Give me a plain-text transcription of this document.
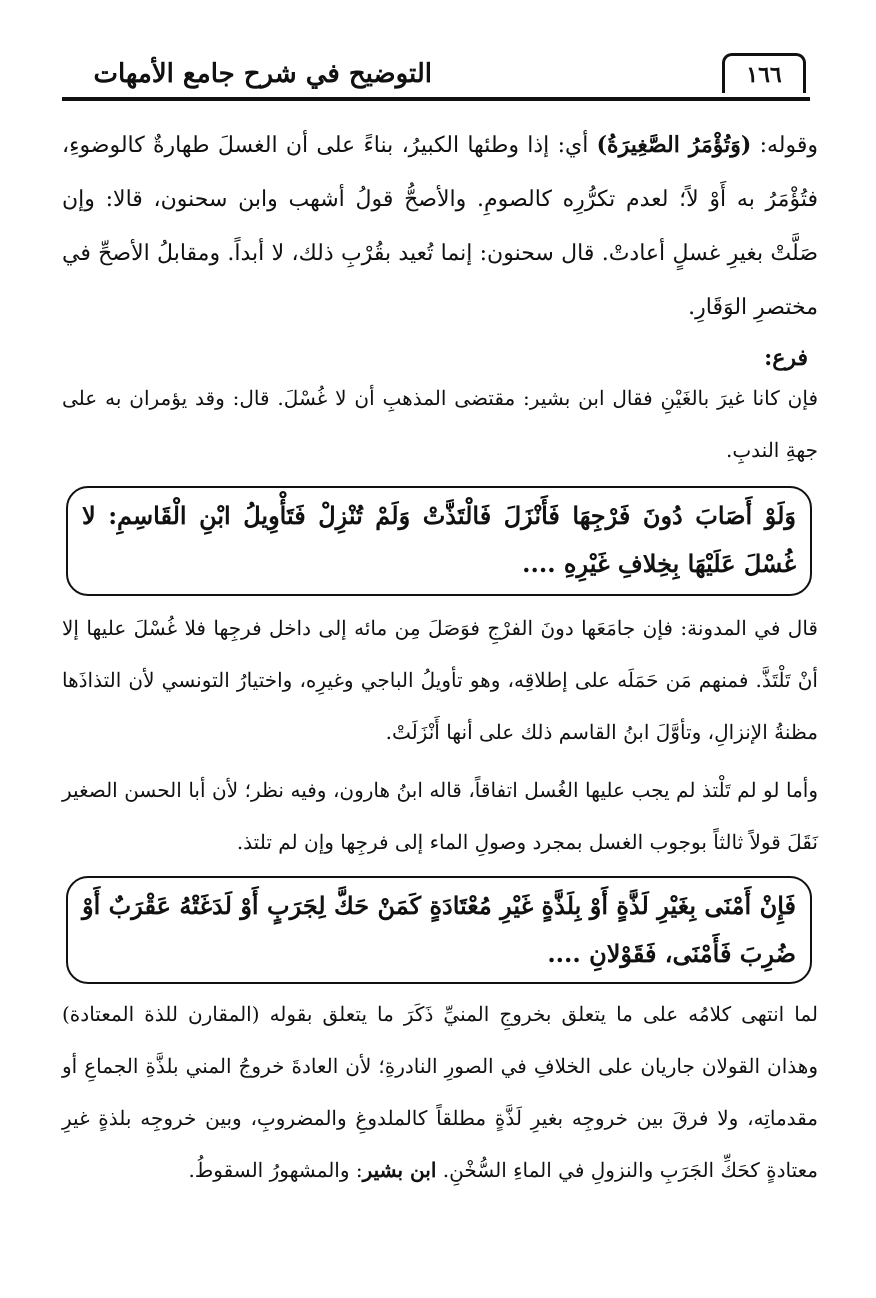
١٦٦
التوضيح في شرح جامع الأمهات

وقوله: (وَتُؤْمَرُ الصَّغِيرَةُ) أي: إذا وطئها الكبيرُ، بناءً على أن الغسلَ طهارةٌ كالوضوءِ، فتُؤْمَرُ به أَوْ لاً؛ لعدم تكرُّرِه كالصومِ. والأصحُّ قولُ أشهب وابن سحنون، قالا: وإن صَلَّتْ بغيرِ غسلٍ أعادتْ. قال سحنون: إنما تُعيد بقُرْبِ ذلك، لا أبداً. ومقابلُ الأصحِّ في مختصرِ الوَقَارِ.

فرع:

فإن كانا غيرَ بالغَيْنِ فقال ابن بشير: مقتضى المذهبِ أن لا غُسْلَ. قال: وقد يؤمران به على جهةِ الندبِ.

وَلَوْ أَصَابَ دُونَ فَرْجِهَا فَأَنْزَلَ فَالْتَذَّتْ وَلَمْ تُنْزِلْ فَتَأْوِيلُ ابْنِ الْقَاسِمِ: لا غُسْلَ عَلَيْهَا بِخِلافِ غَيْرِهِ ....

قال في المدونة: فإن جامَعَها دونَ الفرْجِ فوَصَلَ مِن مائه إلى داخل فرجِها فلا غُسْلَ عليها إلا أنْ تَلْتَذَّ. فمنهم مَن حَمَلَه على إطلاقِه، وهو تأويلُ الباجي وغيرِه، واختيارُ التونسي لأن التذاذَها مظنةُ الإنزالِ، وتأوَّلَ ابنُ القاسم ذلك على أنها أَنْزَلَتْ.

وأما لو لم تَلْتذ لم يجب عليها الغُسل اتفاقاً، قاله ابنُ هارون، وفيه نظر؛ لأن أبا الحسن الصغير نَقَلَ قولاً ثالثاً بوجوب الغسل بمجرد وصولِ الماء إلى فرجِها وإن لم تلتذ.

فَإِنْ أَمْنَى بِغَيْرِ لَذَّةٍ أَوْ بِلَذَّةٍ غَيْرِ مُعْتَادَةٍ كَمَنْ حَكَّ لِجَرَبٍ أَوْ لَدَغَتْهُ عَقْرَبٌ أَوْ ضُرِبَ فَأَمْنَى، فَقَوْلانِ ....

لما انتهى كلامُه على ما يتعلق بخروجِ المنيِّ ذَكَرَ ما يتعلق بقوله (المقارن للذة المعتادة) وهذان القولان جاريان على الخلافِ في الصورِ النادرةِ؛ لأن العادةَ خروجُ المني بلذَّةِ الجماعِ أو مقدماتِه، ولا فرقَ بين خروجِه بغيرِ لَذَّةٍ مطلقاً كالملدوغِ والمضروبِ، وبين خروجِه بلذةٍ غيرِ معتادةٍ كحَكِّ الجَرَبِ والنزولِ في الماءِ السُّخْنِ. ابن بشير: والمشهورُ السقوطُ.
